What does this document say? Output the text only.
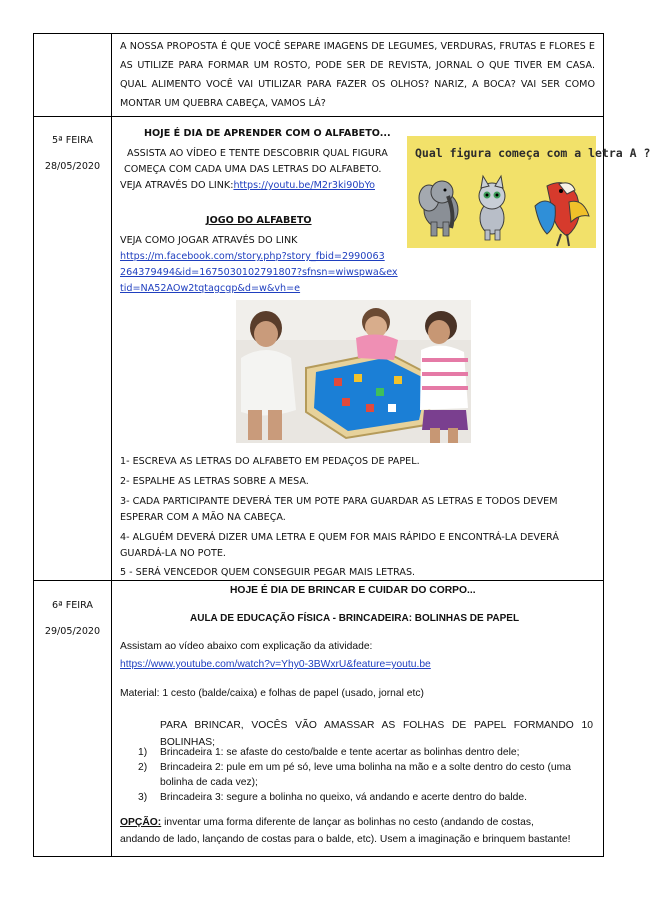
A NOSSA PROPOSTA É QUE VOCÊ SEPARE IMAGENS DE LEGUMES, VERDURAS, FRUTAS E FLORES E
AS UTILIZE PARA FORMAR UM ROSTO, PODE SER DE REVISTA, JORNAL O QUE TIVER EM CASA.
QUAL ALIMENTO VOCÊ VAI UTILIZAR PARA FAZER OS OLHOS? NARIZ, A BOCA? VAI SER COMO
MONTAR UM QUEBRA CABEÇA, VAMOS LÁ?
5ª FEIRA
28/05/2020
HOJE É DIA DE APRENDER COM O ALFABETO...
ASSISTA AO VÍDEO E TENTE DESCOBRIR QUAL FIGURA
COMEÇA COM CADA UMA DAS LETRAS DO ALFABETO.
VEJA ATRAVÉS DO LINK:https://youtu.be/M2r3ki90bYo
Qual figura começa com a letra A ?
JOGO DO ALFABETO
VEJA COMO JOGAR ATRAVÉS DO LINK
https://m.facebook.com/story.php?story_fbid=2990063
264379494&id=1675030102791807?sfnsn=wiwspwa&ex
tid=NA52AOw2tqtagcgp&d=w&vh=e
1- ESCREVA AS LETRAS DO ALFABETO EM PEDAÇOS DE PAPEL.
2- ESPALHE AS LETRAS SOBRE A MESA.
3- CADA PARTICIPANTE DEVERÁ TER UM POTE PARA GUARDAR AS LETRAS E TODOS DEVEM
ESPERAR COM A MÃO NA CABEÇA.
4- ALGUÉM DEVERÁ DIZER UMA LETRA E QUEM FOR MAIS RÁPIDO E ENCONTRÁ-LA DEVERÁ
GUARDÁ-LA NO POTE.
5 - SERÁ VENCEDOR QUEM CONSEGUIR PEGAR MAIS LETRAS.
6ª FEIRA
29/05/2020
HOJE É DIA DE BRINCAR E CUIDAR DO CORPO...
AULA DE EDUCAÇÃO FÍSICA - BRINCADEIRA: BOLINHAS DE PAPEL
Assistam ao vídeo abaixo com explicação da atividade:
https://www.youtube.com/watch?v=Yhy0-3BWxrU&feature=youtu.be
Material: 1 cesto (balde/caixa) e folhas de papel (usado, jornal etc)
PARA BRINCAR, VOCÊS VÃO AMASSAR AS FOLHAS DE PAPEL FORMANDO 10
BOLINHAS;
1) Brincadeira 1: se afaste do cesto/balde e tente acertar as bolinhas dentro dele;
2) Brincadeira 2: pule em um pé só, leve uma bolinha na mão e a solte dentro do cesto (uma
bolinha de cada vez);
3) Brincadeira 3: segure a bolinha no queixo, vá andando e acerte dentro do balde.
OPÇÃO: inventar uma forma diferente de lançar as bolinhas no cesto (andando de costas,
andando de lado, lançando de costas para o balde, etc). Usem a imaginação e brinquem bastante!
